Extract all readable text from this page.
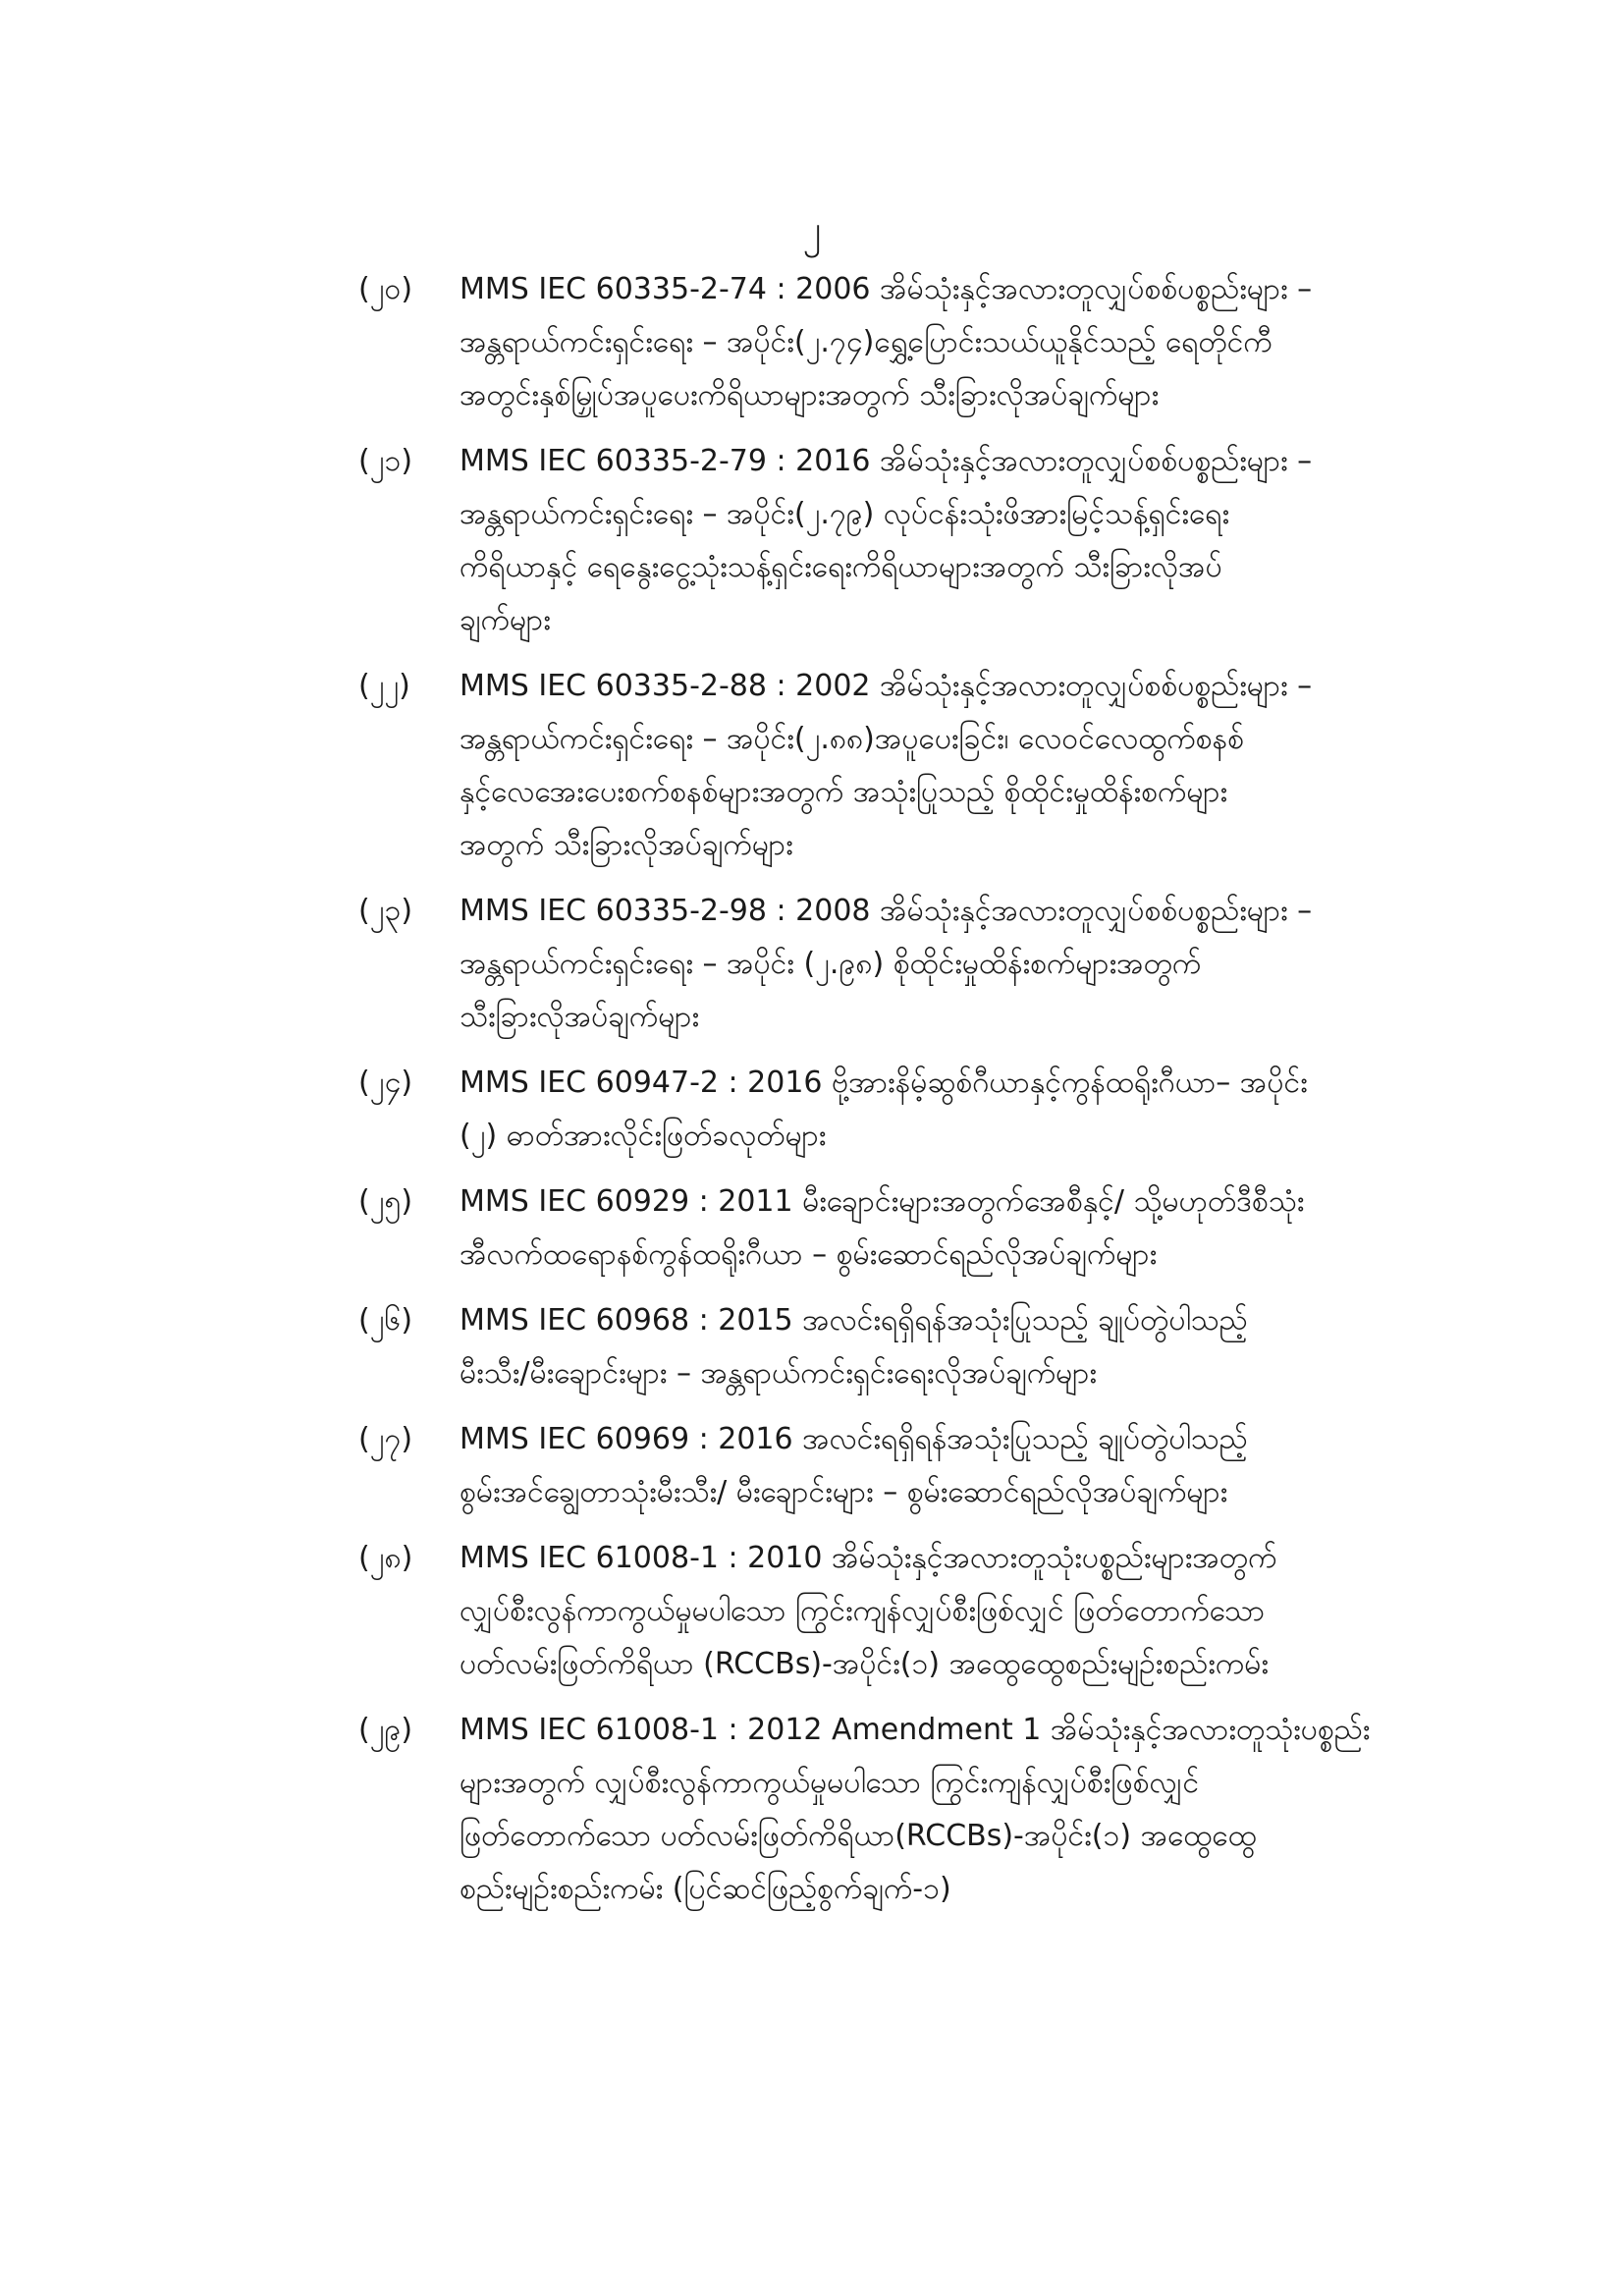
၂
(၂၀) MMS IEC 60335-2-74 : 2006 အိမ်သုံးနှင့်အလားတူလျှပ်စစ်ပစ္စည်းများ –
အန္တရာယ်ကင်းရှင်းရေး – အပိုင်း(၂.၇၄)ရွှေ့ပြောင်းသယ်ယူနိုင်သည့် ရေတိုင်ကီ
အတွင်းနှစ်မြှုပ်အပူပေးကိရိယာများအတွက် သီးခြားလိုအပ်ချက်များ
(၂၁) MMS IEC 60335-2-79 : 2016 အိမ်သုံးနှင့်အလားတူလျှပ်စစ်ပစ္စည်းများ –
အန္တရာယ်ကင်းရှင်းရေး – အပိုင်း(၂.၇၉) လုပ်ငန်းသုံးဖိအားမြင့်သန့်ရှင်းရေး
ကိရိယာနှင့် ရေနွေးငွေ့သုံးသန့်ရှင်းရေးကိရိယာများအတွက် သီးခြားလိုအပ်
ချက်များ
(၂၂) MMS IEC 60335-2-88 : 2002 အိမ်သုံးနှင့်အလားတူလျှပ်စစ်ပစ္စည်းများ –
အန္တရာယ်ကင်းရှင်းရေး – အပိုင်း(၂.၈၈)အပူပေးခြင်း၊ လေဝင်လေထွက်စနစ်
နှင့်လေအေးပေးစက်စနစ်များအတွက် အသုံးပြုသည့် စိုထိုင်းမှုထိန်းစက်များ
အတွက် သီးခြားလိုအပ်ချက်များ
(၂၃) MMS IEC 60335-2-98 : 2008 အိမ်သုံးနှင့်အလားတူလျှပ်စစ်ပစ္စည်းများ –
အန္တရာယ်ကင်းရှင်းရေး – အပိုင်း (၂.၉၈) စိုထိုင်းမှုထိန်းစက်များအတွက်
သီးခြားလိုအပ်ချက်များ
(၂၄) MMS IEC 60947-2 : 2016 ဗို့အားနိမ့်ဆွစ်ဂီယာနှင့်ကွန်ထရိုးဂီယာ– အပိုင်း
(၂) ဓာတ်အားလိုင်းဖြတ်ခလုတ်များ
(၂၅) MMS IEC 60929 : 2011 မီးချောင်းများအတွက်အေစီနှင့်/ သို့မဟုတ်ဒီစီသုံး
အီလက်ထရောနစ်ကွန်ထရိုးဂီယာ – စွမ်းဆောင်ရည်လိုအပ်ချက်များ
(၂၆) MMS IEC 60968 : 2015 အလင်းရရှိရန်အသုံးပြုသည့် ချုပ်တွဲပါသည့်
မီးသီး/မီးချောင်းများ – အန္တရာယ်ကင်းရှင်းရေးလိုအပ်ချက်များ
(၂၇) MMS IEC 60969 : 2016 အလင်းရရှိရန်အသုံးပြုသည့် ချုပ်တွဲပါသည့်
စွမ်းအင်ချွေတာသုံးမီးသီး/ မီးချောင်းများ – စွမ်းဆောင်ရည်လိုအပ်ချက်များ
(၂၈) MMS IEC 61008-1 : 2010 အိမ်သုံးနှင့်အလားတူသုံးပစ္စည်းများအတွက်
လျှပ်စီးလွန်ကာကွယ်မှုမပါသော ကြွင်းကျန်လျှပ်စီးဖြစ်လျှင် ဖြတ်တောက်သော
ပတ်လမ်းဖြတ်ကိရိယာ (RCCBs)-အပိုင်း(၁) အထွေထွေစည်းမျဉ်းစည်းကမ်း
(၂၉) MMS IEC 61008-1 : 2012 Amendment 1 အိမ်သုံးနှင့်အလားတူသုံးပစ္စည်း
များအတွက် လျှပ်စီးလွန်ကာကွယ်မှုမပါသော ကြွင်းကျန်လျှပ်စီးဖြစ်လျှင်
ဖြတ်တောက်သော ပတ်လမ်းဖြတ်ကိရိယာ(RCCBs)-အပိုင်း(၁) အထွေထွေ
စည်းမျဉ်းစည်းကမ်း (ပြင်ဆင်ဖြည့်စွက်ချက်-၁)
